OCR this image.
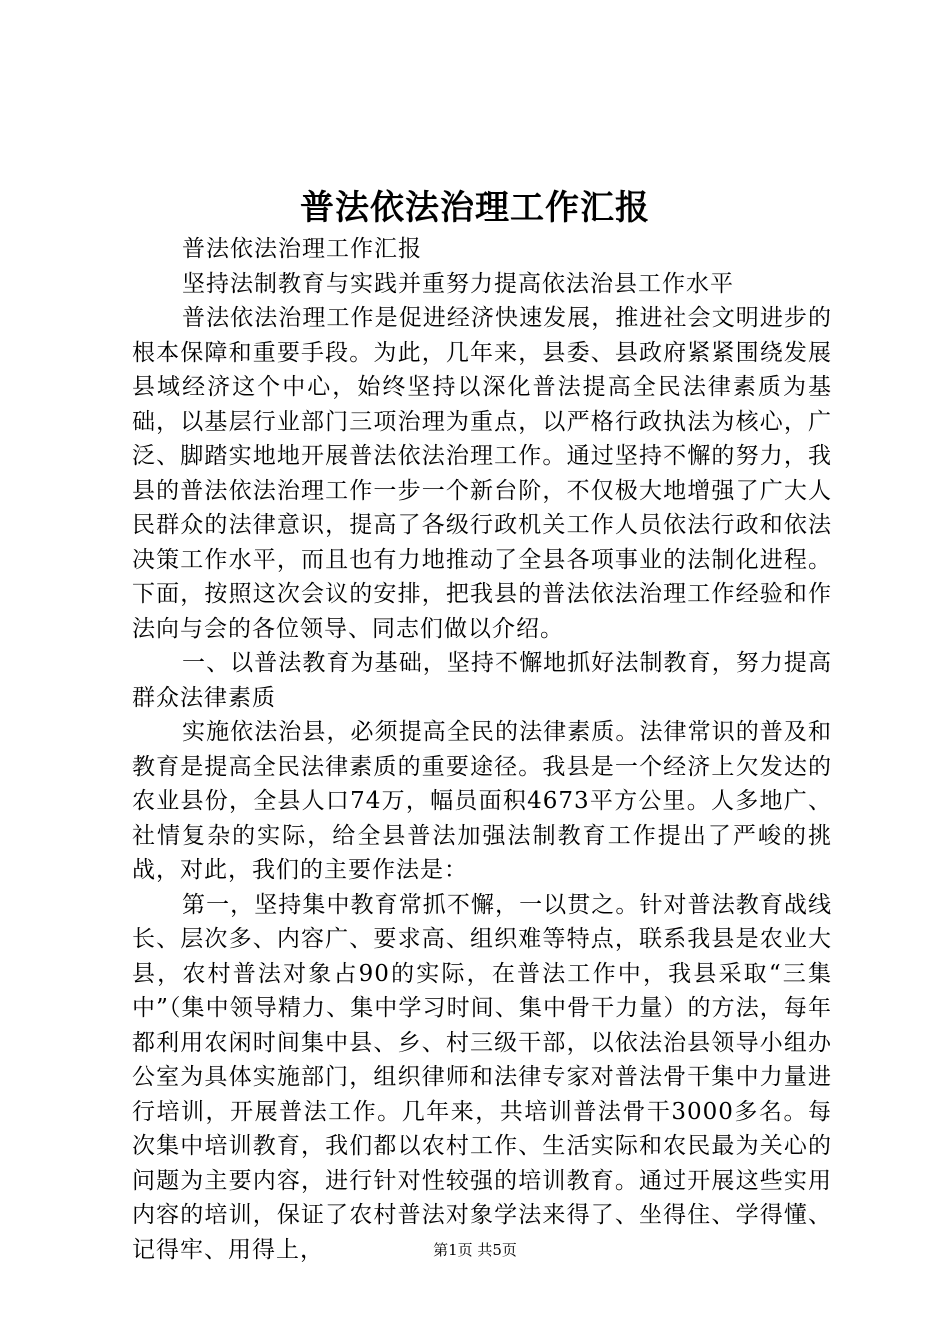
普法依法治理工作汇报

普法依法治理工作汇报

坚持法制教育与实践并重努力提高依法治县工作水平

普法依法治理工作是促进经济快速发展，推进社会文明进步的根本保障和重要手段。为此，几年来，县委、县政府紧紧围绕发展县域经济这个中心，始终坚持以深化普法提高全民法律素质为基础，以基层行业部门三项治理为重点，以严格行政执法为核心，广泛、脚踏实地地开展普法依法治理工作。通过坚持不懈的努力，我县的普法依法治理工作一步一个新台阶，不仅极大地增强了广大人民群众的法律意识，提高了各级行政机关工作人员依法行政和依法决策工作水平，而且也有力地推动了全县各项事业的法制化进程。下面，按照这次会议的安排，把我县的普法依法治理工作经验和作法向与会的各位领导、同志们做以介绍。

一、以普法教育为基础，坚持不懈地抓好法制教育，努力提高群众法律素质

实施依法治县，必须提高全民的法律素质。法律常识的普及和教育是提高全民法律素质的重要途径。我县是一个经济上欠发达的农业县份，全县人口74万，幅员面积4673平方公里。人多地广、社情复杂的实际，给全县普法加强法制教育工作提出了严峻的挑战，对此，我们的主要作法是：

第一，坚持集中教育常抓不懈，一以贯之。针对普法教育战线长、层次多、内容广、要求高、组织难等特点，联系我县是农业大县，农村普法对象占90的实际，在普法工作中，我县采取“三集中”（集中领导精力、集中学习时间、集中骨干力量）的方法，每年都利用农闲时间集中县、乡、村三级干部，以依法治县领导小组办公室为具体实施部门，组织律师和法律专家对普法骨干集中力量进行培训，开展普法工作。几年来，共培训普法骨干3000多名。每次集中培训教育，我们都以农村工作、生活实际和农民最为关心的问题为主要内容，进行针对性较强的培训教育。通过开展这些实用内容的培训，保证了农村普法对象学法来得了、坐得住、学得懂、记得牢、用得上，	第1页 共5页
